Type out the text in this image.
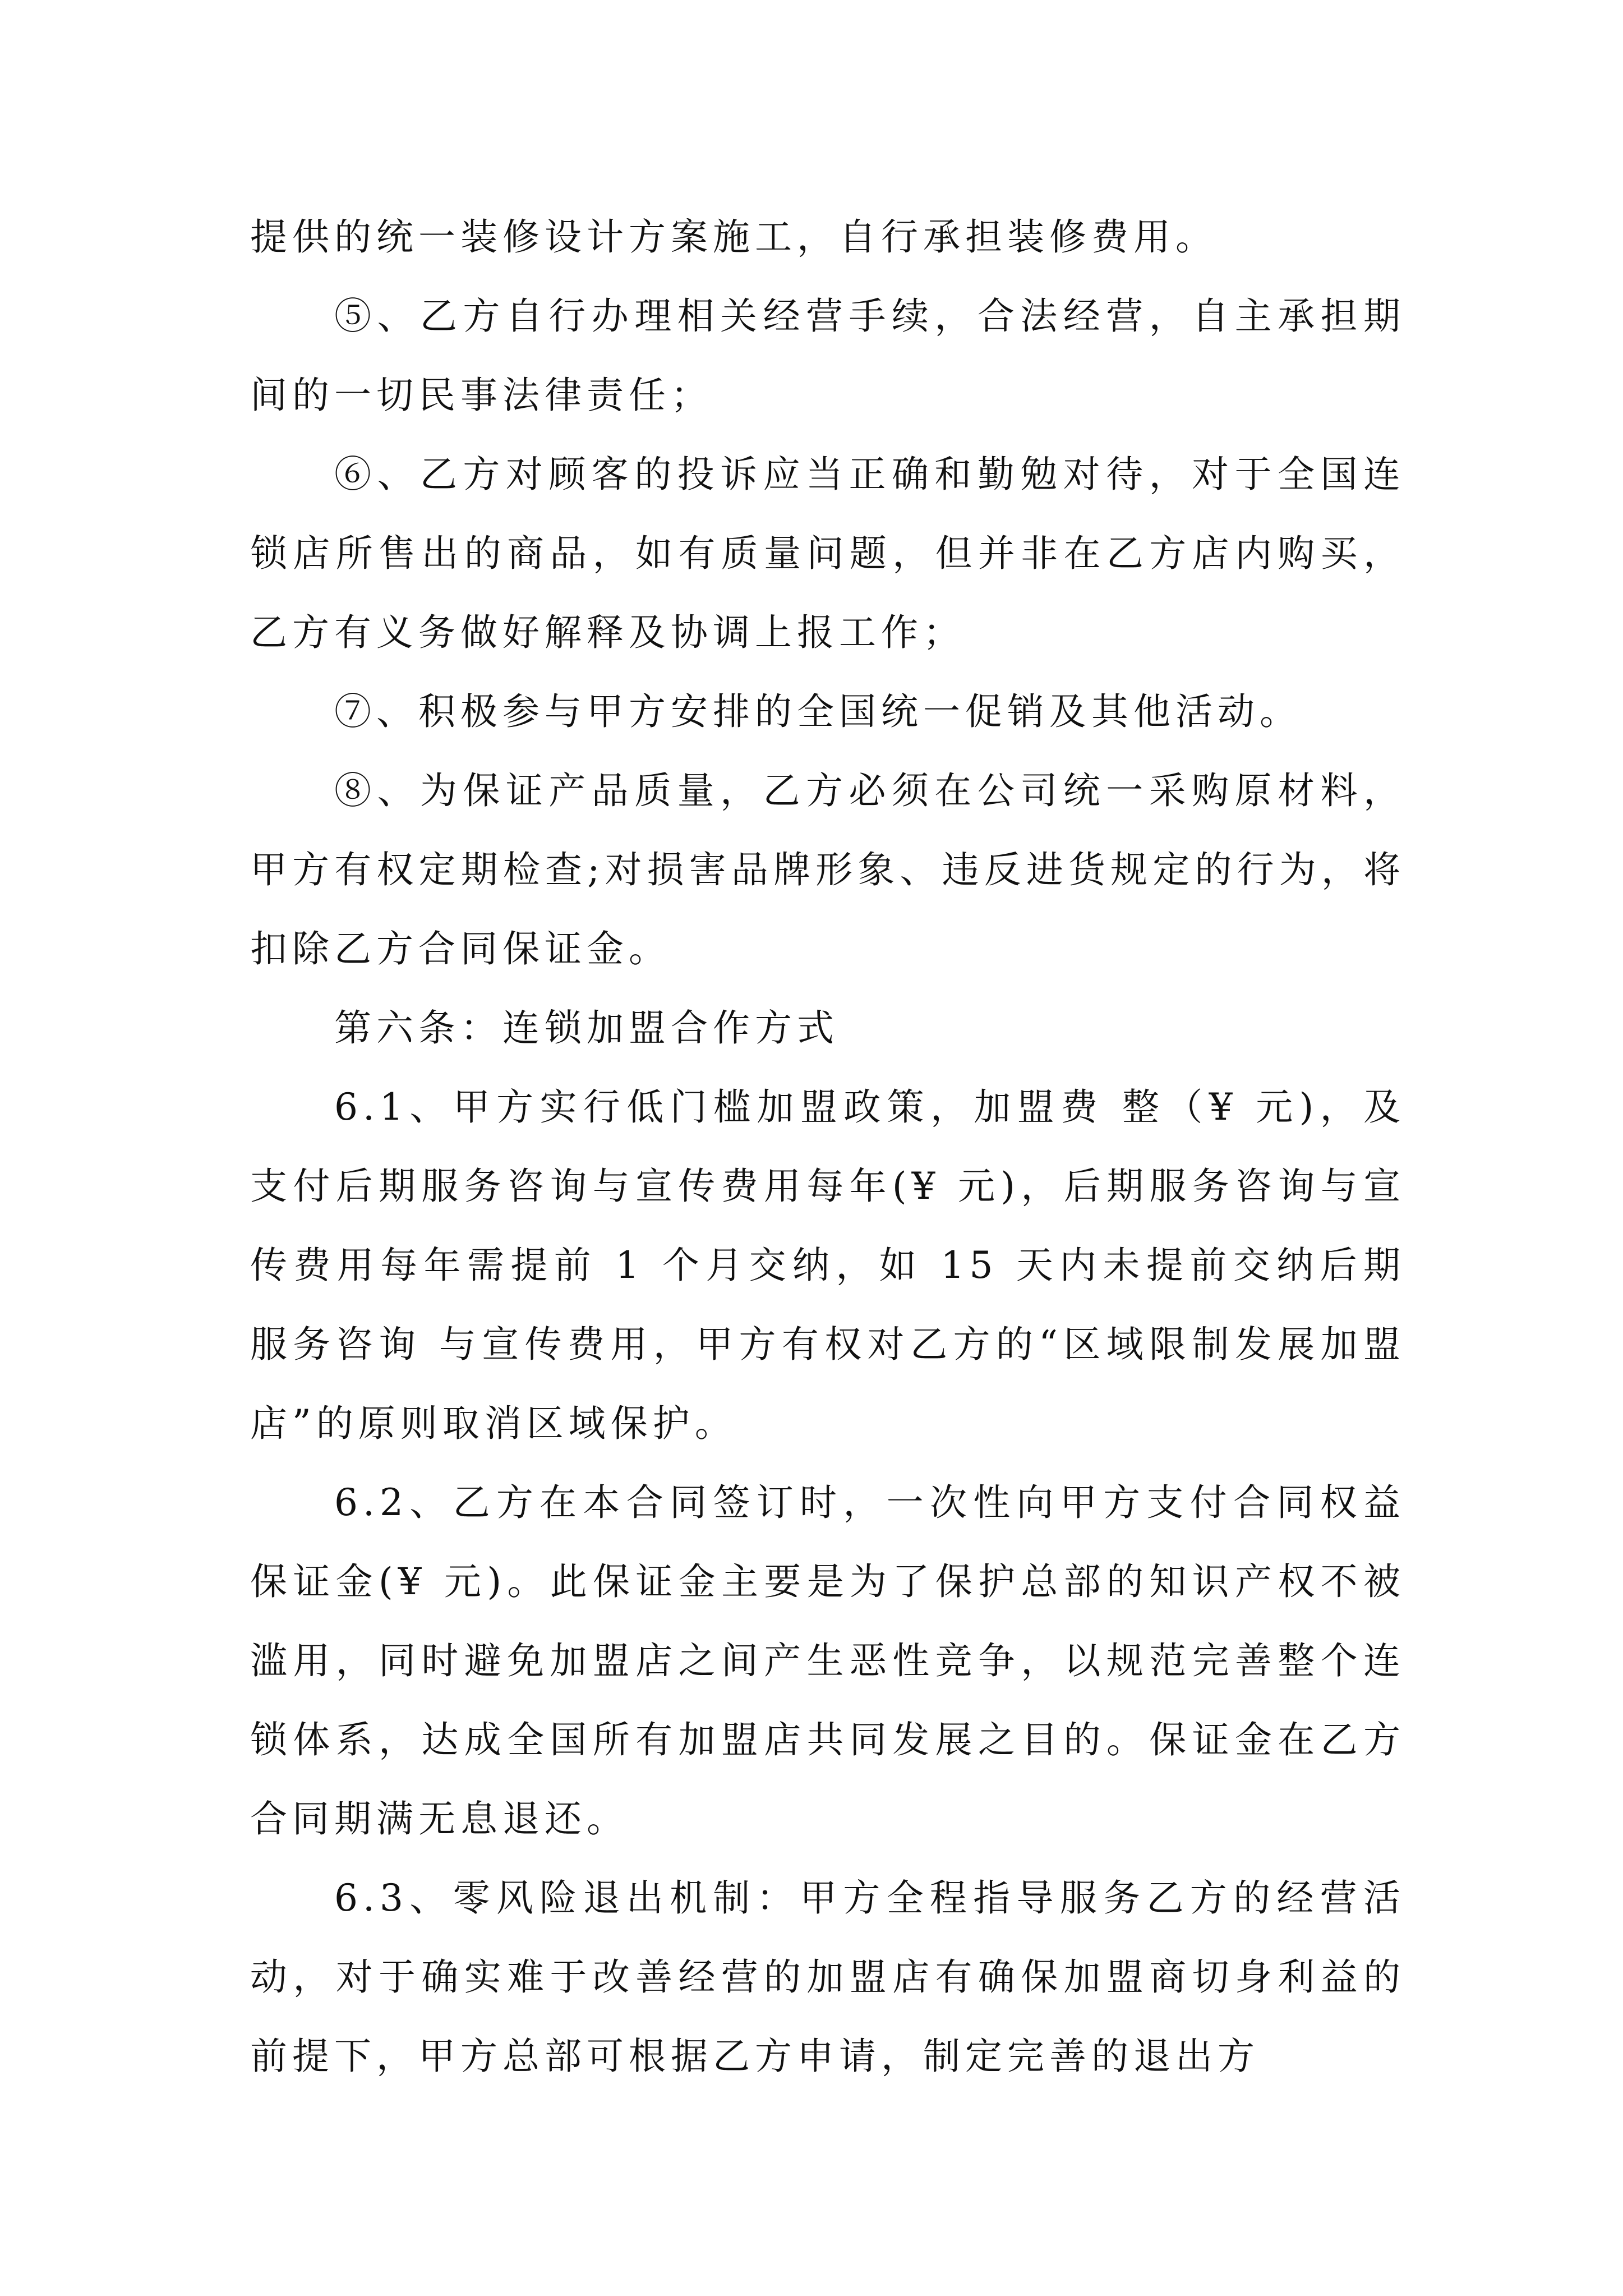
提供的统一装修设计方案施工，自行承担装修费用。

⑤、乙方自行办理相关经营手续，合法经营，自主承担期间的一切民事法律责任；

⑥、乙方对顾客的投诉应当正确和勤勉对待，对于全国连锁店所售出的商品，如有质量问题，但并非在乙方店内购买，乙方有义务做好解释及协调上报工作；

⑦、积极参与甲方安排的全国统一促销及其他活动。

⑧、为保证产品质量，乙方必须在公司统一采购原材料，甲方有权定期检查;对损害品牌形象、违反进货规定的行为，将扣除乙方合同保证金。

第六条：连锁加盟合作方式

6.1、甲方实行低门槛加盟政策，加盟费 整（¥ 元)，及支付后期服务咨询与宣传费用每年(¥ 元)，后期服务咨询与宣传费用每年需提前 1 个月交纳，如 15 天内未提前交纳后期服务咨询 与宣传费用，甲方有权对乙方的“区域限制发展加盟店”的原则取消区域保护。

6.2、乙方在本合同签订时，一次性向甲方支付合同权益保证金(¥ 元)。此保证金主要是为了保护总部的知识产权不被滥用，同时避免加盟店之间产生恶性竞争，以规范完善整个连锁体系，达成全国所有加盟店共同发展之目的。保证金在乙方合同期满无息退还。

6.3、零风险退出机制：甲方全程指导服务乙方的经营活动，对于确实难于改善经营的加盟店有确保加盟商切身利益的前提下，甲方总部可根据乙方申请，制定完善的退出方
